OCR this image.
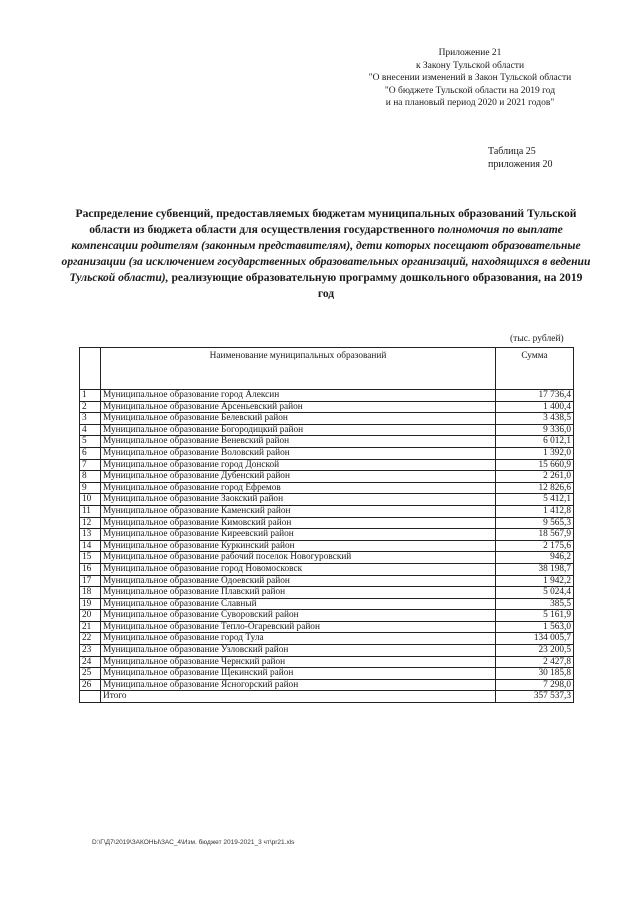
Приложение 21
к Закону Тульской области
"О внесении изменений в Закон Тульской области
"О бюджете Тульской области на 2019 год
и на плановый период 2020 и 2021 годов"
Таблица 25
приложения 20
Распределение субвенций, предоставляемых бюджетам муниципальных образований Тульской области из бюджета области для осуществления государственного полномочия по выплате компенсации родителям (законным представителям), дети которых посещают образовательные организации (за исключением государственных образовательных организаций, находящихся в ведении Тульской области), реализующие образовательную программу дошкольного образования, на 2019 год
(тыс. рублей)
	Наименование муниципальных образований	Сумма
1	Муниципальное образование город Алексин	17 736,4
2	Муниципальное образование Арсеньевский район	1 400,4
3	Муниципальное образование Белевский район	3 438,5
4	Муниципальное образование Богородицкий район	9 336,0
5	Муниципальное образование Веневский район	6 012,1
6	Муниципальное образование Воловский район	1 392,0
7	Муниципальное образование город Донской	15 660,9
8	Муниципальное образование Дубенский район	2 261,0
9	Муниципальное образование город Ефремов	12 826,6
10	Муниципальное образование Заокский район	5 412,1
11	Муниципальное образование Каменский район	1 412,8
12	Муниципальное образование Кимовский район	9 565,3
13	Муниципальное образование Киреевский район	18 567,9
14	Муниципальное образование Куркинский район	2 175,6
15	Муниципальное образование рабочий поселок Новогуровский	946,2
16	Муниципальное образование город Новомосковск	38 198,7
17	Муниципальное образование Одоевский район	1 942,2
18	Муниципальное образование Плавский район	5 024,4
19	Муниципальное образование Славный	385,5
20	Муниципальное образование Суворовский район	5 161,9
21	Муниципальное образование Тепло-Огаревский район	1 563,0
22	Муниципальное образование город Тула	134 005,7
23	Муниципальное образование Узловский район	23 200,5
24	Муниципальное образование Чернский район	2 427,8
25	Муниципальное образование Щекинский район	30 185,8
26	Муниципальное образование Ясногорский район	7 298,0
	Итого	357 537,3
D:\Г\Д7\2019\ЗАКОНЫ\ЗАС_4\Изм. бюджет 2019-2021_3 чт\pr21.xls
